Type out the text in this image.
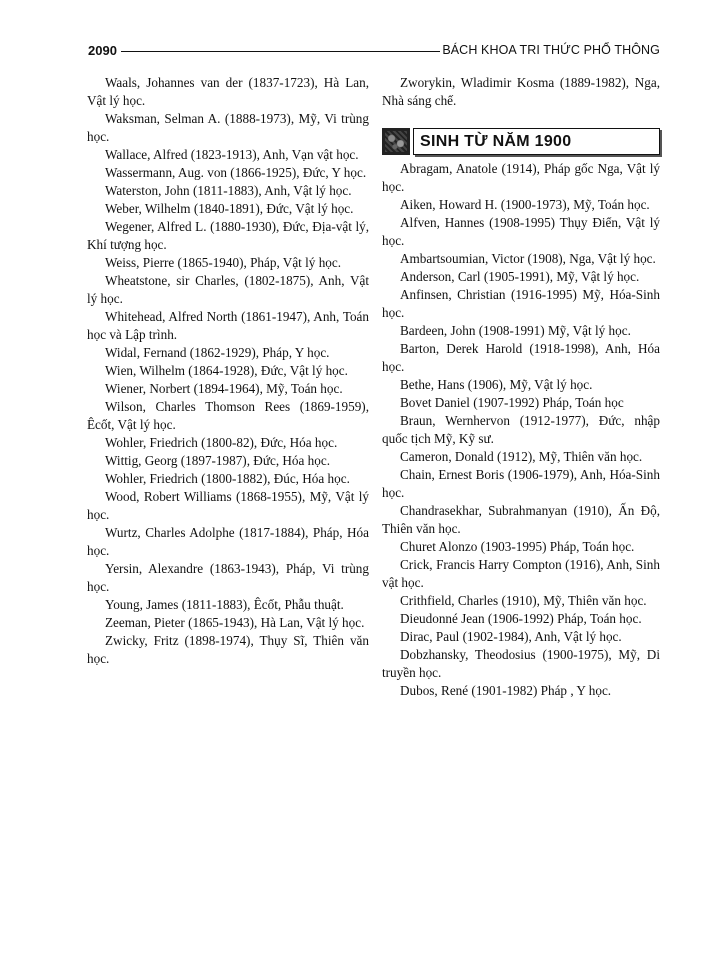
2090	BÁCH KHOA TRI THỨC PHỔ THÔNG

Waals, Johannes van der (1837-1723), Hà Lan, Vật lý học.

Waksman, Selman A. (1888-1973), Mỹ, Vi trùng học.

Wallace, Alfred (1823-1913), Anh, Vạn vật học.

Wassermann, Aug. von (1866-1925), Đức, Y học.

Waterston, John (1811-1883), Anh, Vật lý học.

Weber, Wilhelm (1840-1891), Đức, Vật lý học.

Wegener, Alfred L. (1880-1930), Đức, Địa-vật lý, Khí tượng học.

Weiss, Pierre (1865-1940), Pháp, Vật lý học.

Wheatstone, sir Charles, (1802-1875), Anh, Vật lý học.

Whitehead, Alfred North (1861-1947), Anh, Toán học và Lập trình.

Widal, Fernand (1862-1929), Pháp, Y học.

Wien, Wilhelm (1864-1928), Đức, Vật lý học.

Wiener, Norbert (1894-1964), Mỹ, Toán học.

Wilson, Charles Thomson Rees (1869-1959), Êcốt, Vật lý học.

Wohler, Friedrich (1800-82), Đức, Hóa học.

Wittig, Georg (1897-1987), Đức, Hóa học.

Wohler, Friedrich (1800-1882), Đúc, Hóa học.

Wood, Robert Williams (1868-1955), Mỹ, Vật lý học.

Wurtz, Charles Adolphe (1817-1884), Pháp, Hóa học.

Yersin, Alexandre (1863-1943), Pháp, Vi trùng học.

Young, James (1811-1883), Êcốt, Phẫu thuật.

Zeeman, Pieter (1865-1943), Hà Lan, Vật lý học.

Zwicky, Fritz (1898-1974), Thụy Sĩ, Thiên văn học.

Zworykin, Wladimir Kosma (1889-1982), Nga, Nhà sáng chế.

SINH TỪ NĂM 1900

Abragam, Anatole (1914), Pháp gốc Nga, Vật lý học.

Aiken, Howard H. (1900-1973), Mỹ, Toán học.

Alfven, Hannes (1908-1995) Thụy Điển, Vật lý học.

Ambartsoumian, Victor (1908), Nga, Vật lý học.

Anderson, Carl (1905-1991), Mỹ, Vật lý học.

Anfinsen, Christian (1916-1995) Mỹ, Hóa-Sinh học.

Bardeen, John (1908-1991) Mỹ, Vật lý học.

Barton, Derek Harold (1918-1998), Anh, Hóa học.

Bethe, Hans (1906), Mỹ, Vật lý học.

Bovet Daniel (1907-1992) Pháp, Toán học

Braun, Wernhervon (1912-1977), Đức, nhập quốc tịch Mỹ, Kỹ sư.

Cameron, Donald (1912), Mỹ, Thiên văn học.

Chain, Ernest Boris (1906-1979), Anh, Hóa-Sinh học.

Chandrasekhar, Subrahmanyan (1910), Ấn Độ, Thiên văn học.

Churet Alonzo (1903-1995) Pháp, Toán học.

Crick, Francis Harry Compton (1916), Anh, Sinh vật học.

Crithfield, Charles (1910), Mỹ, Thiên văn học.

Dieudonné Jean (1906-1992) Pháp, Toán học.

Dirac, Paul (1902-1984), Anh, Vật lý học.

Dobzhansky, Theodosius (1900-1975), Mỹ, Di truyền học.

Dubos, René (1901-1982) Pháp , Y học.
